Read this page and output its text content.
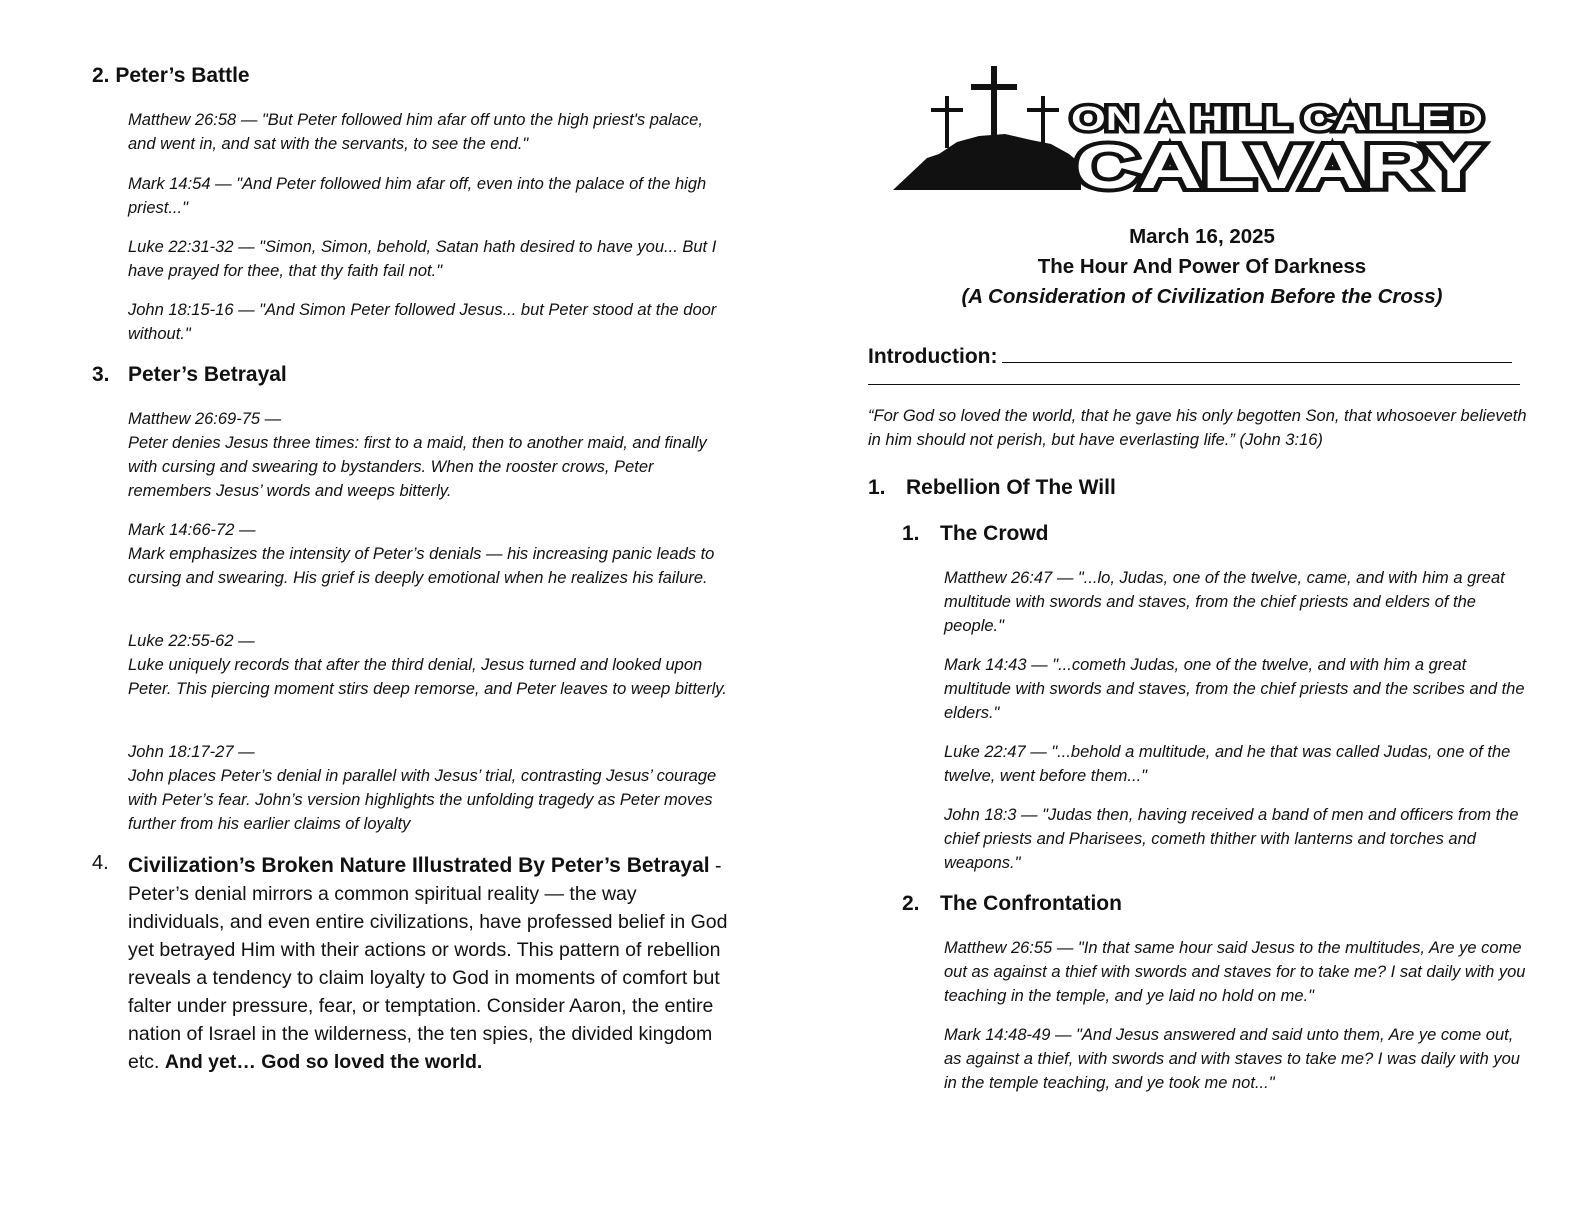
2. Peter’s Battle

Matthew 26:58 — "But Peter followed him afar off unto the high priest's palace, and went in, and sat with the servants, to see the end."

Mark 14:54 — "And Peter followed him afar off, even into the palace of the high priest..."

Luke 22:31-32 — "Simon, Simon, behold, Satan hath desired to have you... But I have prayed for thee, that thy faith fail not."

John 18:15-16 — "And Simon Peter followed Jesus... but Peter stood at the door without."

3. Peter’s Betrayal

Matthew 26:69-75 —

Peter denies Jesus three times: first to a maid, then to another maid, and finally with cursing and swearing to bystanders. When the rooster crows, Peter remembers Jesus’ words and weeps bitterly.

Mark 14:66-72 —

Mark emphasizes the intensity of Peter’s denials — his increasing panic leads to cursing and swearing. His grief is deeply emotional when he realizes his failure.

Luke 22:55-62 —

Luke uniquely records that after the third denial, Jesus turned and looked upon Peter. This piercing moment stirs deep remorse, and Peter leaves to weep bitterly.

John 18:17-27 —

John places Peter’s denial in parallel with Jesus’ trial, contrasting Jesus’ courage with Peter’s fear. John’s version highlights the unfolding tragedy as Peter moves further from his earlier claims of loyalty

4. Civilization’s Broken Nature Illustrated By Peter’s Betrayal - Peter’s denial mirrors a common spiritual reality — the way individuals, and even entire civilizations, have professed belief in God yet betrayed Him with their actions or words. This pattern of rebellion reveals a tendency to claim loyalty to God in moments of comfort but falter under pressure, fear, or temptation. Consider Aaron, the entire nation of Israel in the wilderness, the ten spies, the divided kingdom etc. And yet… God so loved the world.

ON A HILL CALLED
CALVARY

March 16, 2025

The Hour And Power Of Darkness

(A Consideration of Civilization Before the Cross)

Introduction:

“For God so loved the world, that he gave his only begotten Son, that whosoever believeth in him should not perish, but have everlasting life.” (John 3:16)

1. Rebellion Of The Will
1. The Crowd

Matthew 26:47 — "...lo, Judas, one of the twelve, came, and with him a great multitude with swords and staves, from the chief priests and elders of the people."

Mark 14:43 — "...cometh Judas, one of the twelve, and with him a great multitude with swords and staves, from the chief priests and the scribes and the elders."

Luke 22:47 — "...behold a multitude, and he that was called Judas, one of the twelve, went before them..."

John 18:3 — "Judas then, having received a band of men and officers from the chief priests and Pharisees, cometh thither with lanterns and torches and weapons."

2. The Confrontation

Matthew 26:55 — "In that same hour said Jesus to the multitudes, Are ye come out as against a thief with swords and staves for to take me? I sat daily with you teaching in the temple, and ye laid no hold on me."

Mark 14:48-49 — "And Jesus answered and said unto them, Are ye come out, as against a thief, with swords and with staves to take me? I was daily with you in the temple teaching, and ye took me not..."
